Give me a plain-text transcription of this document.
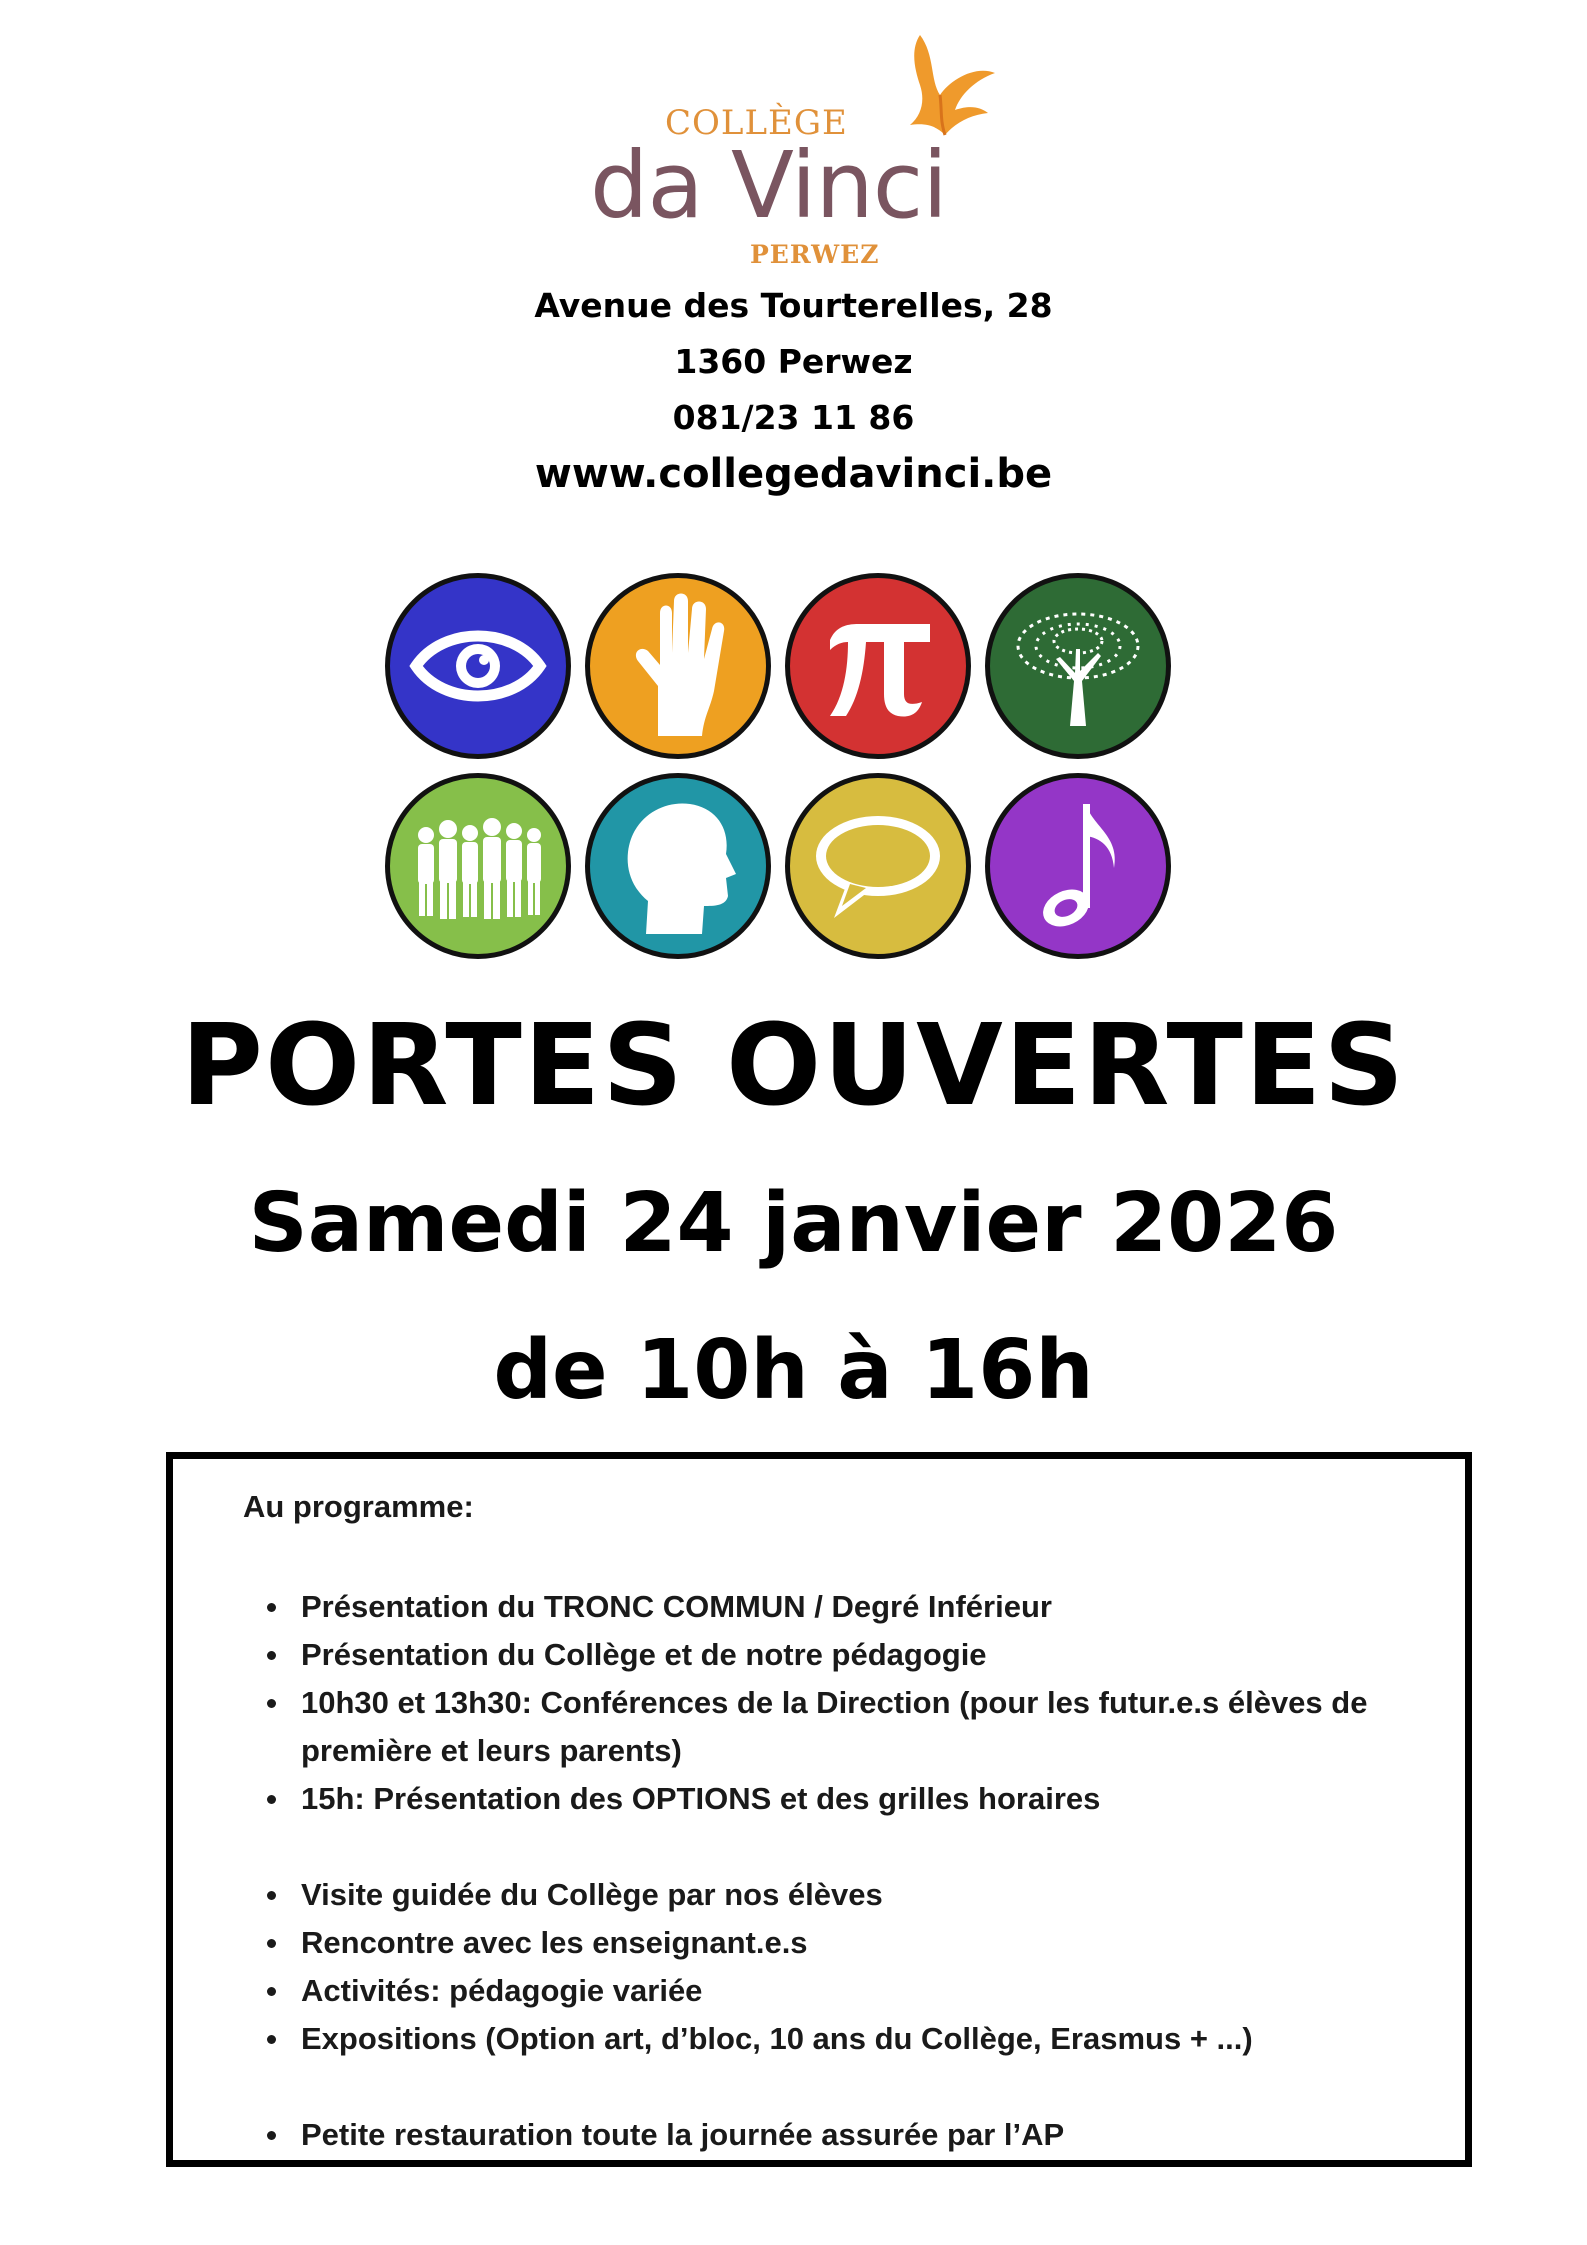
COLLÈGE
da Vinci
PERWEZ
Avenue des Tourterelles, 28
1360 Perwez
081/23 11 86
www.collegedavinci.be
PORTES OUVERTES
Samedi 24 janvier 2026
de 10h à 16h
Au programme:
Présentation du TRONC COMMUN / Degré Inférieur
Présentation du Collège et de notre pédagogie
10h30 et 13h30: Conférences de la Direction (pour les futur.e.s élèves de première et leurs parents)
15h: Présentation des OPTIONS et des grilles horaires
Visite guidée du Collège par nos élèves
Rencontre avec les enseignant.e.s
Activités: pédagogie variée
Expositions (Option art, d’bloc, 10 ans du Collège, Erasmus + ...)
Petite restauration toute la journée assurée par l’AP
